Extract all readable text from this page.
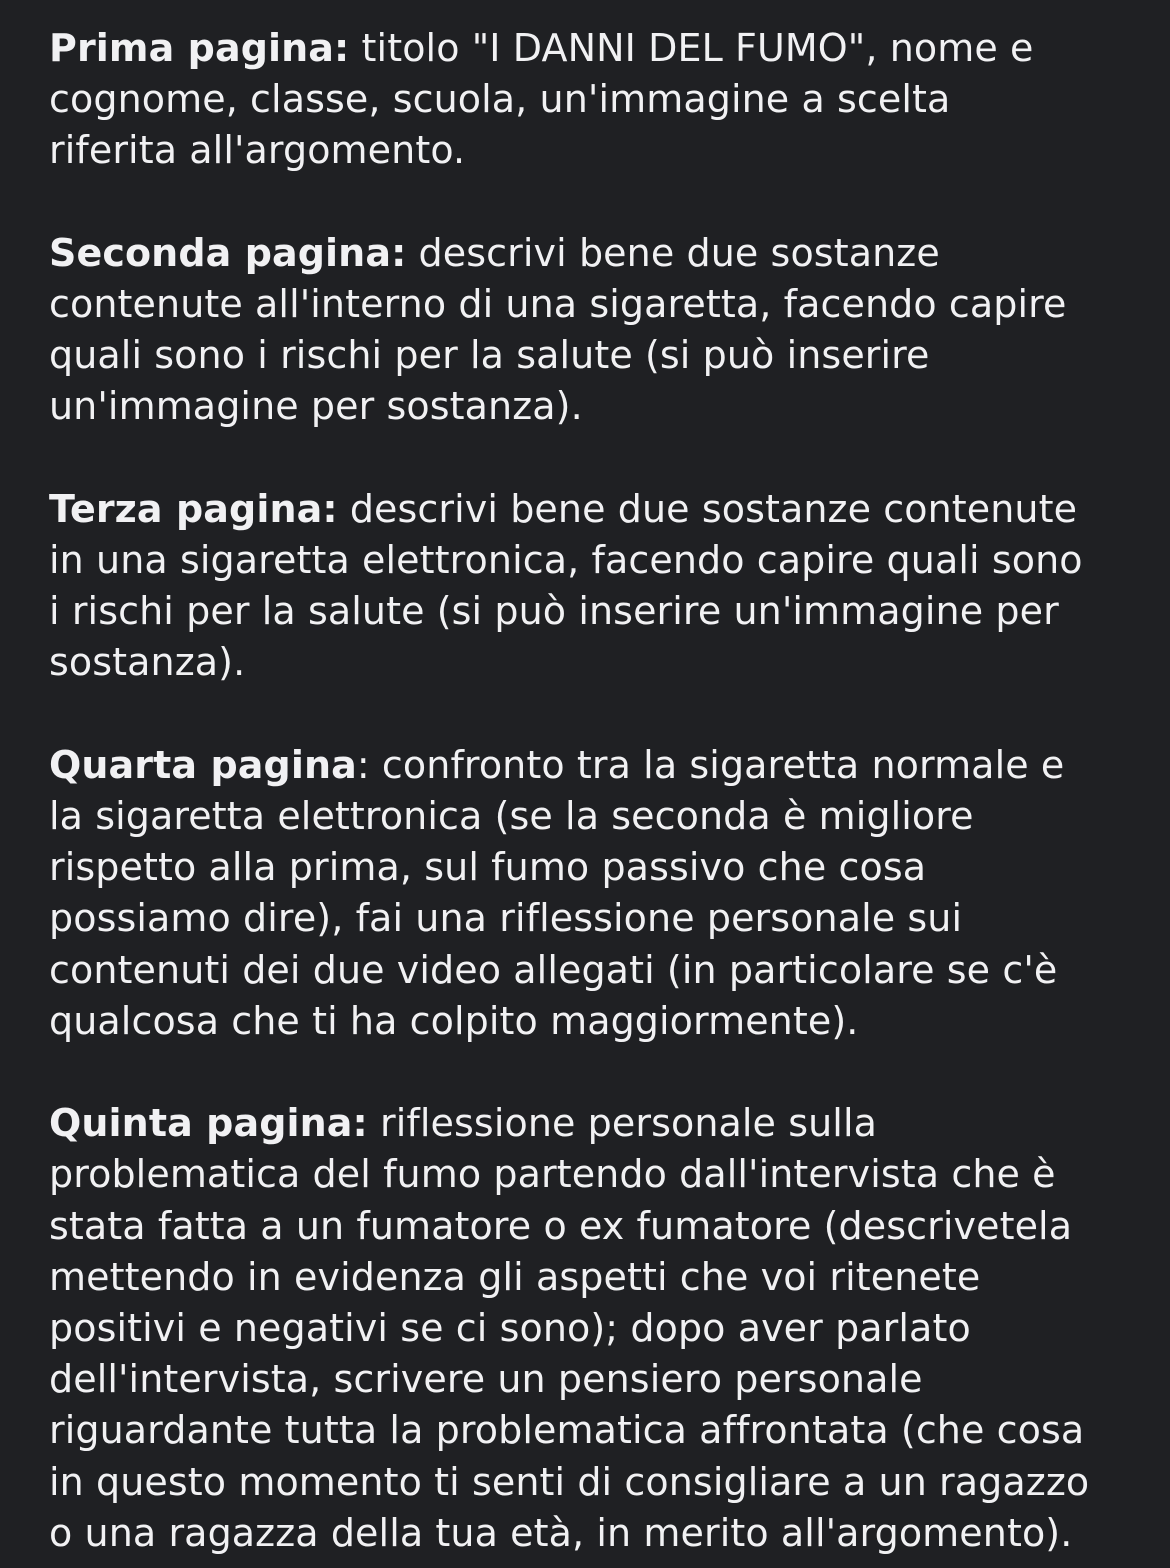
Prima pagina: titolo "I DANNI DEL FUMO", nome e
cognome, classe, scuola, un'immagine a scelta
riferita all'argomento.

Seconda pagina: descrivi bene due sostanze
contenute all'interno di una sigaretta, facendo capire
quali sono i rischi per la salute (si può inserire
un'immagine per sostanza).

Terza pagina: descrivi bene due sostanze contenute
in una sigaretta elettronica, facendo capire quali sono
i rischi per la salute (si può inserire un'immagine per
sostanza).

Quarta pagina: confronto tra la sigaretta normale e
la sigaretta elettronica (se la seconda è migliore
rispetto alla prima, sul fumo passivo che cosa
possiamo dire), fai una riflessione personale sui
contenuti dei due video allegati (in particolare se c'è
qualcosa che ti ha colpito maggiormente).

Quinta pagina: riflessione personale sulla
problematica del fumo partendo dall'intervista che è
stata fatta a un fumatore o ex fumatore (descrivetela
mettendo in evidenza gli aspetti che voi ritenete
positivi e negativi se ci sono); dopo aver parlato
dell'intervista, scrivere un pensiero personale
riguardante tutta la problematica affrontata (che cosa
in questo momento ti senti di consigliare a un ragazzo
o una ragazza della tua età, in merito all'argomento).
